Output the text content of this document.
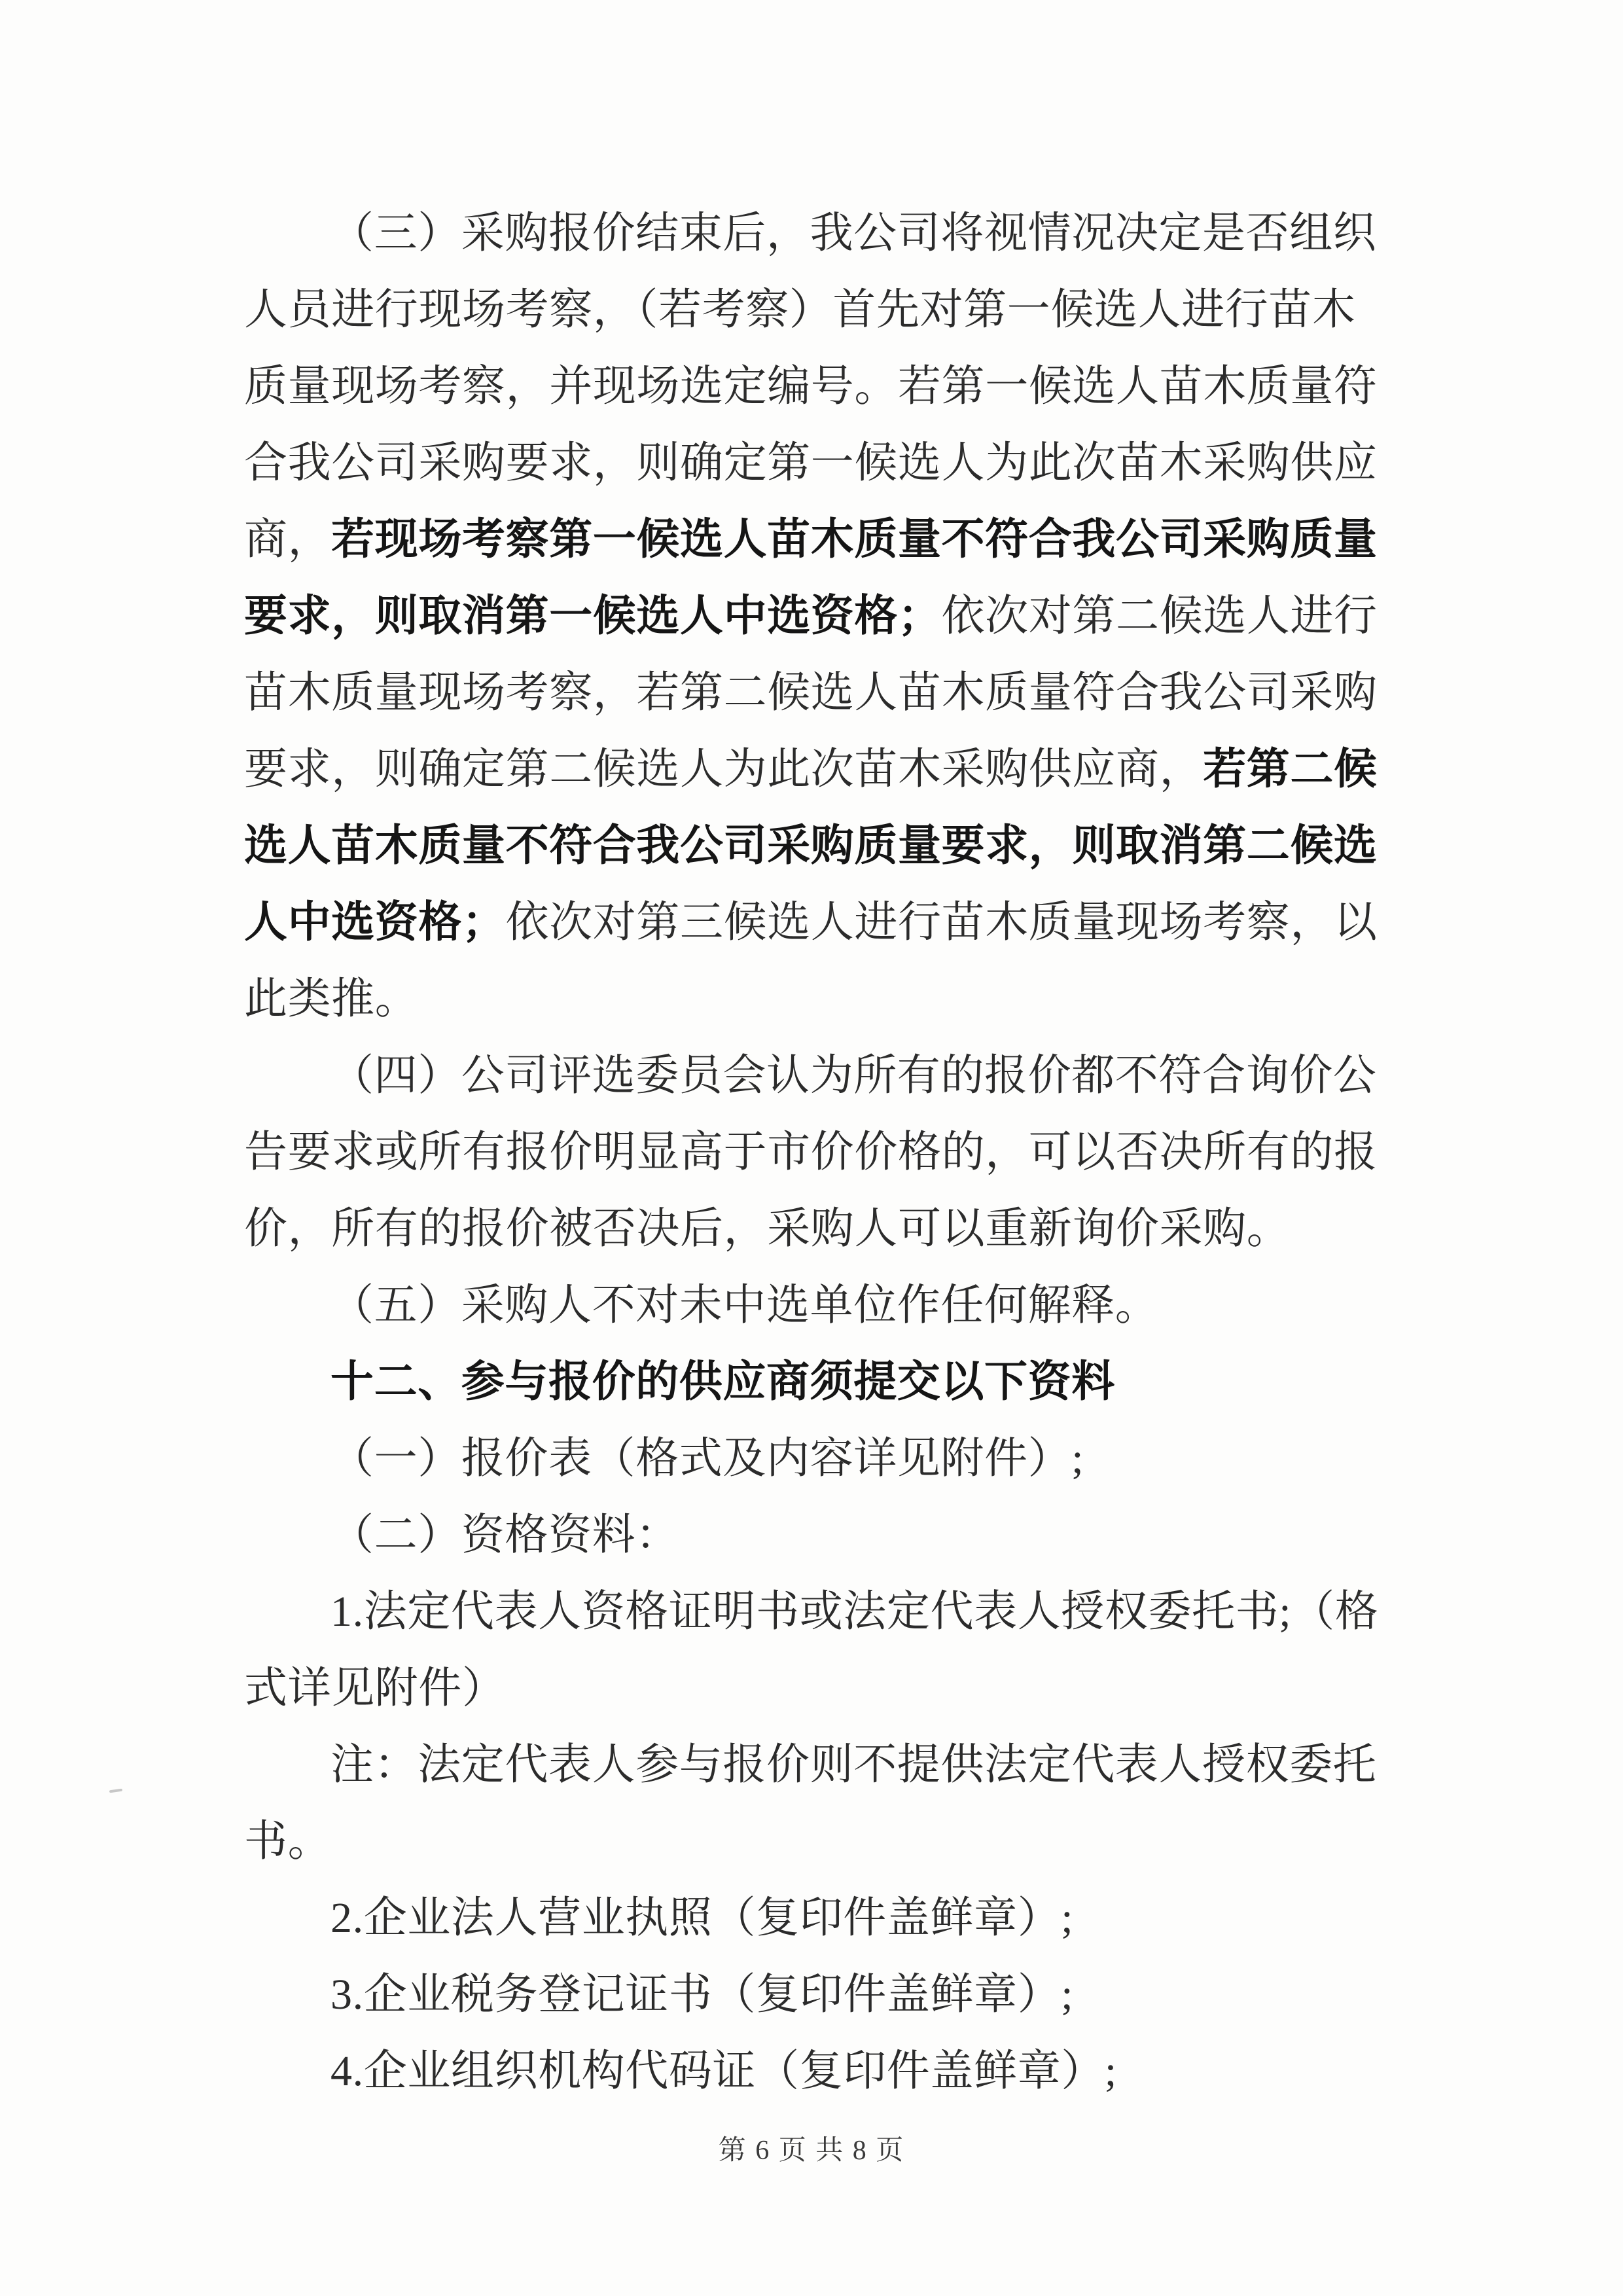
（三）采购报价结束后，我公司将视情况决定是否组织
人员进行现场考察，（若考察）首先对第一候选人进行苗木
质量现场考察，并现场选定编号。若第一候选人苗木质量符
合我公司采购要求，则确定第一候选人为此次苗木采购供应
商，若现场考察第一候选人苗木质量不符合我公司采购质量
要求，则取消第一候选人中选资格；依次对第二候选人进行
苗木质量现场考察，若第二候选人苗木质量符合我公司采购
要求，则确定第二候选人为此次苗木采购供应商，若第二候
选人苗木质量不符合我公司采购质量要求，则取消第二候选
人中选资格；依次对第三候选人进行苗木质量现场考察，以
此类推。
（四）公司评选委员会认为所有的报价都不符合询价公
告要求或所有报价明显高于市价价格的，可以否决所有的报
价，所有的报价被否决后，采购人可以重新询价采购。
（五）采购人不对未中选单位作任何解释。
十二、参与报价的供应商须提交以下资料
（一）报价表（格式及内容详见附件）;
（二）资格资料：
1.法定代表人资格证明书或法定代表人授权委托书;（格
式详见附件）
注：法定代表人参与报价则不提供法定代表人授权委托
书。
2.企业法人营业执照（复印件盖鲜章）;
3.企业税务登记证书（复印件盖鲜章）;
4.企业组织机构代码证（复印件盖鲜章）;
第 6 页 共 8 页
